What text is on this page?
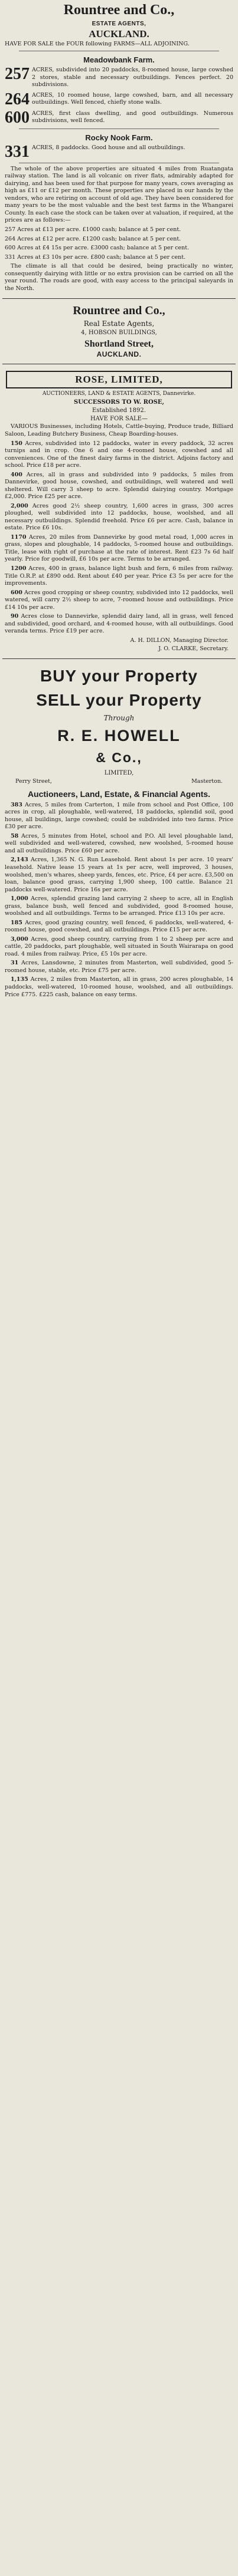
Rountree and Co.,
ESTATE AGENTS,
AUCKLAND.

HAVE FOR SALE the FOUR following FARMS—ALL ADJOINING.

Meadowbank Farm.
257 ACRES, subdivided into 20 paddocks, 8-roomed house, large cowshed 2 stores, stable and necessary outbuildings. Fences perfect. 20 subdivisions.
264 ACRES, 10 roomed house, large cowshed, barn, and all necessary outbuildings. Well fenced, chiefly stone walls.
600 ACRES, first class dwelling, and good outbuildings. Numerous subdivisions, well fenced.
Rocky Nook Farm.
331 ACRES, 8 paddocks. Good house and all outbuildings.

The whole of the above properties are situated 4 miles from Ruatangata railway station. The land is all volcanic on river flats, admirably adapted for dairying, and has been used for that purpose for many years, cows averaging as high as £11 or £12 per month. These properties are placed in our hands by the vendors, who are retiring on account of old age. They have been considered for many years to be the most valuable and the best test farms in the Whangarei County. In each case the stock can be taken over at valuation, if required, at the prices are as follows:—

257 Acres at £13 per acre. £1000 cash; balance at 5 per cent.

264 Acres at £12 per acre. £1200 cash; balance at 5 per cent.

600 Acres at £4 15s per acre. £3000 cash; balance at 5 per cent.

331 Acres at £3 10s per acre. £800 cash; balance at 5 per cent.

The climate is all that could be desired, being practically no winter, consequently dairying with little or no extra provision can be carried on all the year round. The roads are good, with easy access to the principal saleyards in the North.

Rountree and Co.,
Real Estate Agents,
4, HOBSON BUILDINGS,
Shortland Street,
AUCKLAND.
ROSE, LIMITED,
AUCTIONEERS, LAND & ESTATE AGENTS, Dannevirke.
SUCCESSORS TO W. ROSE,
Established 1892.
HAVE FOR SALE—

VARIOUS Businesses, including Hotels, Cattle-buying, Produce trade, Billiard Saloon, Leading Butchery Business, Cheap Boarding-houses.

150 Acres, subdivided into 12 paddocks, water in every paddock, 32 acres turnips and in crop. One 6 and one 4-roomed house, cowshed and all conveniences. One of the finest dairy farms in the district. Adjoins factory and school. Price £18 per acre.

400 Acres, all in grass and subdivided into 9 paddocks, 5 miles from Dannevirke, good house, cowshed, and outbuildings, well watered and well sheltered. Will carry 3 sheep to acre. Splendid dairying country. Mortgage £2,000. Price £25 per acre.

2,000 Acres good 2½ sheep country, 1,600 acres in grass, 300 acres ploughed, well subdivided into 12 paddocks, house, woolshed, and all necessary outbuildings. Splendid freehold. Price £6 per acre. Cash, balance in estate. Price £6 10s.

1170 Acres, 20 miles from Dannevirke by good metal road, 1,000 acres in grass, slopes and ploughable, 14 paddocks, 5-roomed house and outbuildings. Title, lease with right of purchase at the rate of interest. Rent £23 7s 6d half yearly. Price for goodwill, £6 10s per acre. Terms to be arranged.

1200 Acres, 400 in grass, balance light bush and fern, 6 miles from railway. Title O.R.P. at £890 odd. Rent about £40 per year. Price £3 5s per acre for the improvements.

600 Acres good cropping or sheep country, subdivided into 12 paddocks, well watered, will carry 2½ sheep to acre, 7-roomed house and outbuildings. Price £14 10s per acre.

90 Acres close to Dannevirke, splendid dairy land, all in grass, well fenced and subdivided, good orchard, and 4-roomed house, with all outbuildings. Good veranda terms. Price £19 per acre.

A. H. DILLON, Managing Director.
J. O. CLARKE, Secretary.
BUY your Property
SELL your Property
Through
R. E. HOWELL
& Co.,
LIMITED,
Perry Street,	Masterton.
Auctioneers, Land, Estate, & Financial Agents.

383 Acres, 5 miles from Carterton, 1 mile from school and Post Office, 100 acres in crop, all ploughable, well-watered, 18 paddocks, splendid soil, good house, all buildings, large cowshed; could be subdivided into two farms. Price £30 per acre.

58 Acres, 5 minutes from Hotel, school and P.O. All level ploughable land, well subdivided and well-watered, cowshed, new woolshed, 5-roomed house and all outbuildings. Price £60 per acre.

2,143 Acres, 1,365 N. G. Run Leasehold. Rent about 1s per acre. 10 years' leasehold. Native lease 15 years at 1s per acre, well improved, 3 houses, woolshed, men's whares, sheep yards, fences, etc. Price, £4 per acre. £3,500 on loan, balance good grass, carrying 1,900 sheep, 100 cattle. Balance 21 paddocks well-watered. Price 16s per acre.

1,000 Acres, splendid grazing land carrying 2 sheep to acre, all in English grass, balance bush, well fenced and subdivided, good 8-roomed house, woolshed and all outbuildings. Terms to be arranged. Price £13 10s per acre.

185 Acres, good grazing country, well fenced, 6 paddocks, well-watered, 4-roomed house, good cowshed, and all outbuildings. Price £15 per acre.

3,000 Acres, good sheep country, carrying from 1 to 2 sheep per acre and cattle, 20 paddocks, part ploughable, well situated in South Wairarapa on good road. 4 miles from railway. Price, £5 10s per acre.

31 Acres, Lansdowne, 2 minutes from Masterton, well subdivided, good 5-roomed house, stable, etc. Price £75 per acre.

1,135 Acres, 2 miles from Masterton, all in grass, 200 acres ploughable, 14 paddocks, well-watered, 10-roomed house, woolshed, and all outbuildings. Price £775. £225 cash, balance on easy terms.
